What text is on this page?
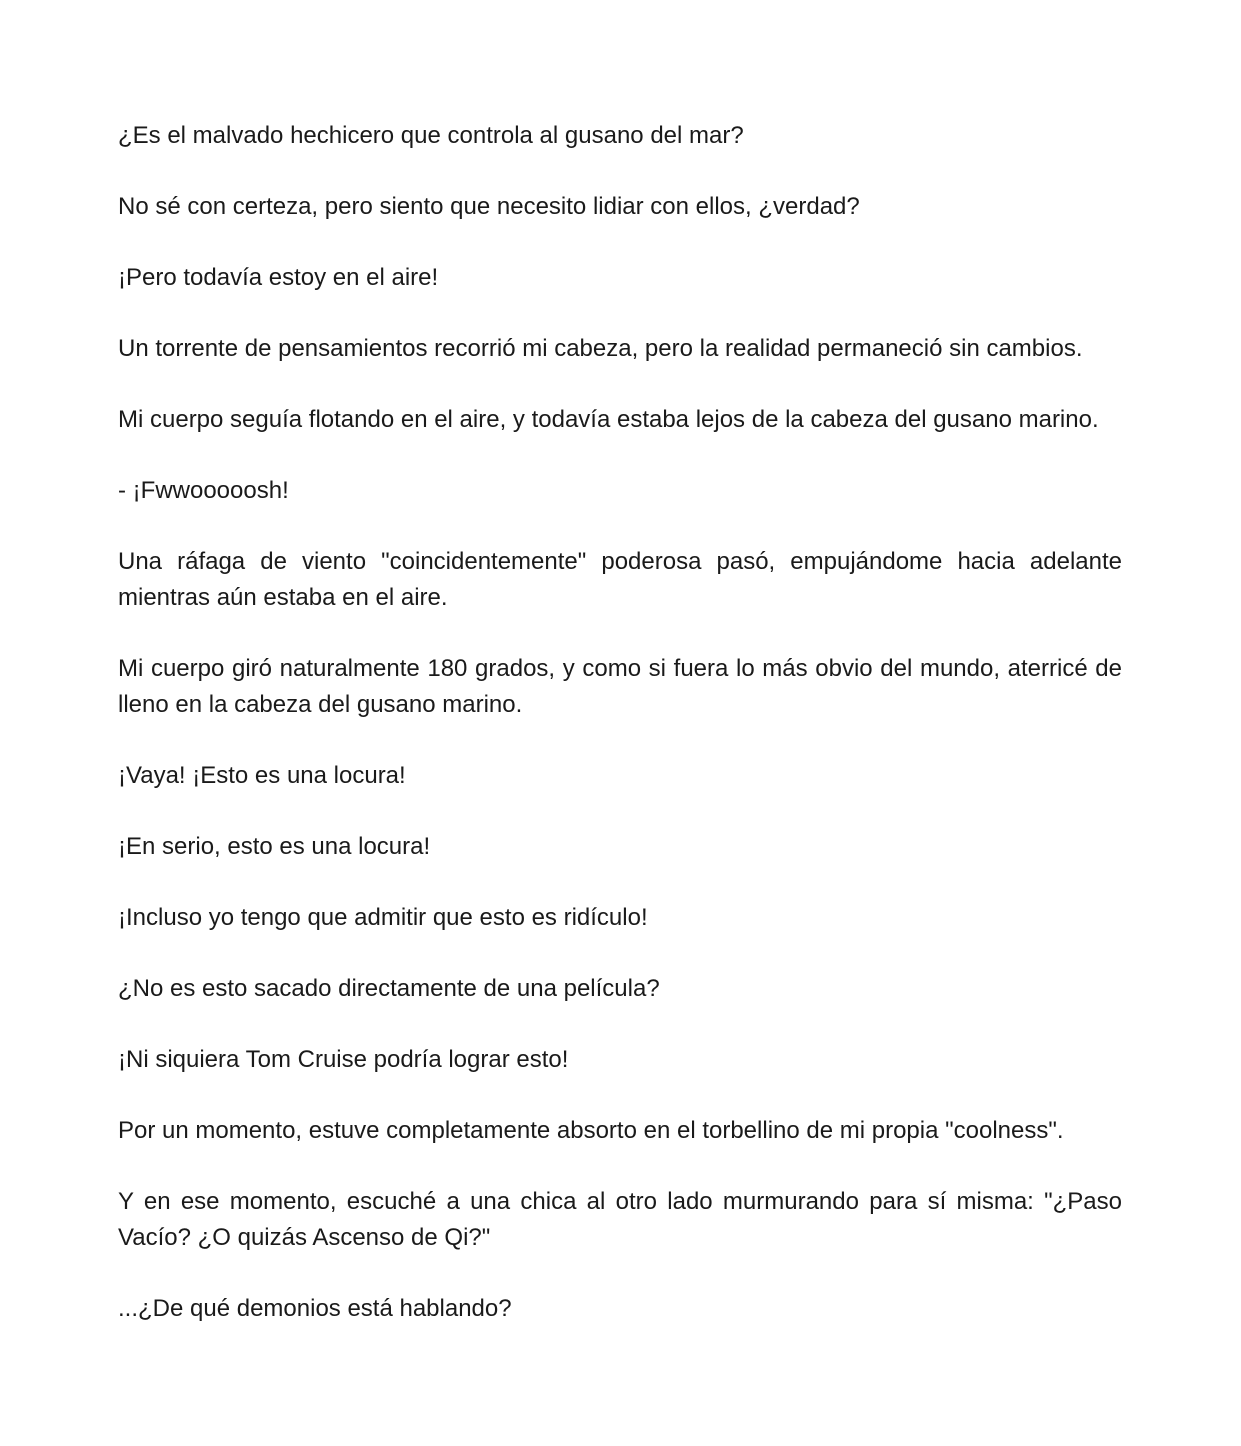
¿Es el malvado hechicero que controla al gusano del mar?

No sé con certeza, pero siento que necesito lidiar con ellos, ¿verdad?

¡Pero todavía estoy en el aire!

Un torrente de pensamientos recorrió mi cabeza, pero la realidad permaneció sin cambios.

Mi cuerpo seguía flotando en el aire, y todavía estaba lejos de la cabeza del gusano marino.

- ¡Fwwooooosh!

Una ráfaga de viento "coincidentemente" poderosa pasó, empujándome hacia adelante mientras aún estaba en el aire.

Mi cuerpo giró naturalmente 180 grados, y como si fuera lo más obvio del mundo, aterricé de lleno en la cabeza del gusano marino.

¡Vaya! ¡Esto es una locura!

¡En serio, esto es una locura!

¡Incluso yo tengo que admitir que esto es ridículo!

¿No es esto sacado directamente de una película?

¡Ni siquiera Tom Cruise podría lograr esto!

Por un momento, estuve completamente absorto en el torbellino de mi propia "coolness".

Y en ese momento, escuché a una chica al otro lado murmurando para sí misma: "¿Paso Vacío? ¿O quizás Ascenso de Qi?"

...¿De qué demonios está hablando?
